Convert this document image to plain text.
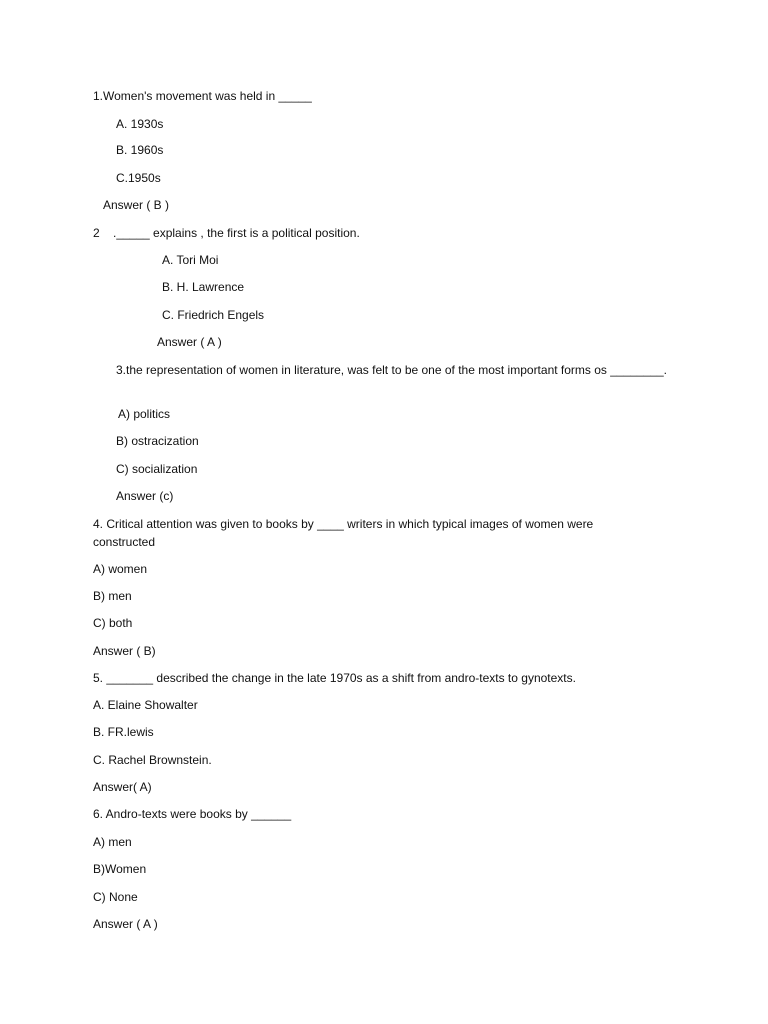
1.Women's movement was held in _____
A. 1930s
B. 1960s
C.1950s
Answer ( B )
2 ._____ explains , the first is a political position.
A. Tori Moi
B. H. Lawrence
C. Friedrich Engels
Answer ( A )
3.the representation of women in literature, was felt to be one of the most important forms os ________.
A) politics
B) ostracization
C) socialization
Answer (c)
4. Critical attention was given to books by ____ writers in which typical images of women were constructed
A) women
B) men
C) both
Answer ( B)
5. _______ described the change in the late 1970s as a shift from andro-texts to gynotexts.
A. Elaine Showalter
B. FR.lewis
C. Rachel Brownstein.
Answer( A)
6. Andro-texts were books by ______
A) men
B)Women
C) None
Answer ( A )
